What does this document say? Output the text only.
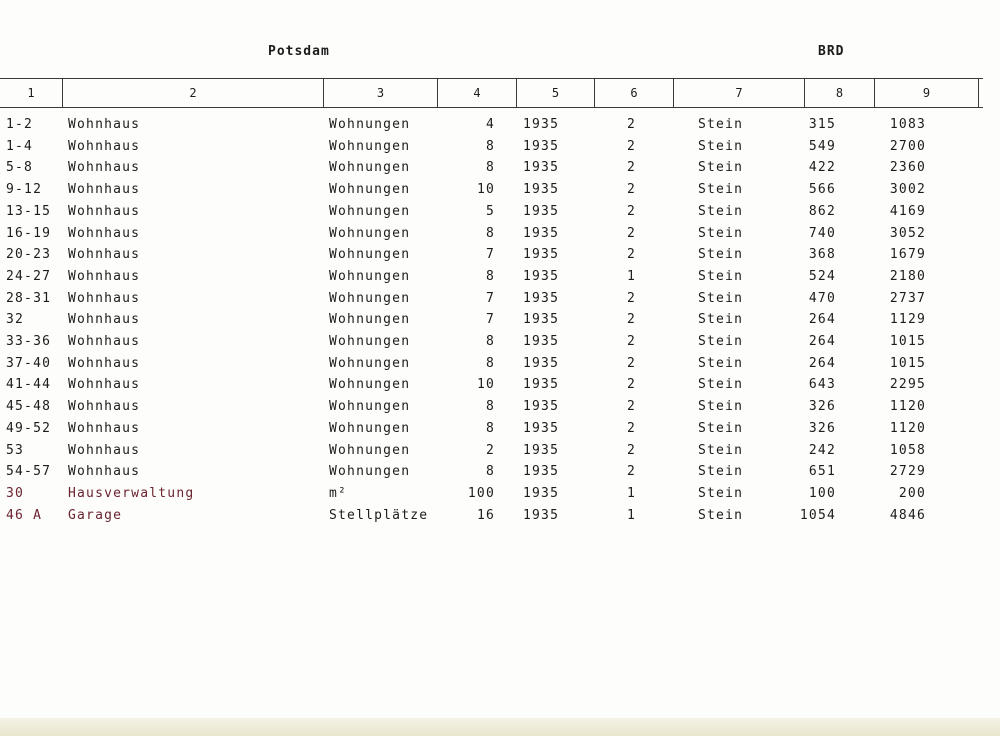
Potsdam	BRD
1	2	3	4	5	6	7	8	9
1-2	Wohnhaus	Wohnungen	4 1935	2	Stein	315	1083
1-4	Wohnhaus	Wohnungen	8 1935	2	Stein	549	2700
5-8	Wohnhaus	Wohnungen	8 1935	2	Stein	422	2360
9-12 Wohnhaus	Wohnungen	10 1935	2	Stein	566	3002
13-15 Wohnhaus	Wohnungen	5 1935	2	Stein	862	4169
16-19 Wohnhaus	Wohnungen	8 1935	2	Stein	740	3052
20-23 Wohnhaus	Wohnungen	7 1935	2	Stein	368	1679
24-27 Wohnhaus	Wohnungen	8 1935	1	Stein	524	2180
28-31 Wohnhaus	Wohnungen	7 1935	2	Stein	470	2737
32	Wohnhaus	Wohnungen	7 1935	2	Stein	264	1129
33-36 Wohnhaus	Wohnungen	8 1935	2	Stein	264	1015
37-40 Wohnhaus	Wohnungen	8 1935	2	Stein	264	1015
41-44 Wohnhaus	Wohnungen	10 1935	2	Stein	643	2295
45-48 Wohnhaus	Wohnungen	8 1935	2	Stein	326	1120
49-52 Wohnhaus	Wohnungen	8 1935	2	Stein	326	1120
53	Wohnhaus	Wohnungen	2 1935	2	Stein	242	1058
54-57 Wohnhaus	Wohnungen	8 1935	2	Stein	651	2729
30	Hausverwaltung	m²	100 1935	1	Stein	100	200
46 A Garage	Stellplätze	16 1935	1	Stein	1054	4846
